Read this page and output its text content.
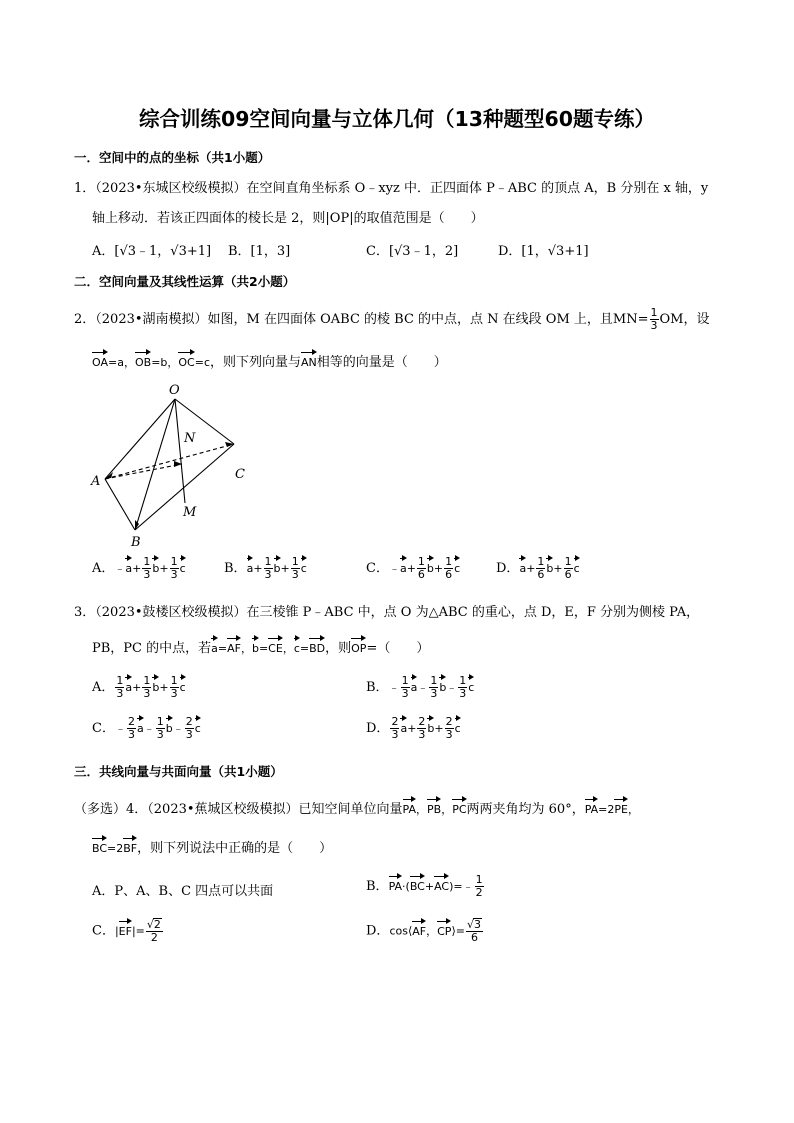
综合训练09空间向量与立体几何（13种题型60题专练）
一．空间中的点的坐标（共1小题）
1．（2023•东城区校级模拟）在空间直角坐标系 O﹣xyz 中．正四面体 P﹣ABC 的顶点 A，B 分别在 x 轴，y
轴上移动．若该正四面体的棱长是 2，则|OP|的取值范围是（　　）
A．[√3﹣1，√3+1] B．[1，3]	C．[√3﹣1，2]	D．[1，√3+1]
二．空间向量及其线性运算（共2小题）
2．（2023•湖南模拟）如图，M 在四面体 OABC 的棱 BC 的中点，点 N 在线段 OM 上，且$MN= \frac{1}{3}$ OM，设
OA=a，OB=b，OC=c，则下列向量与AN相等的向量是（　　）
O
A
B
C
M
N
A．﹣a+ $\frac{1}{3} b+ \frac{1}{3}$ c	B．$a+ \frac{1}{3} b+ \frac{1}{3}$ c	C．﹣a+ $\frac{1}{6} b+ \frac{1}{6}$ c	D．$a+ \frac{1}{6} b+ \frac{1}{6}$ c
3．（2023•鼓楼区校级模拟）在三棱锥 P﹣ABC 中，点 O 为△ABC 的重心，点 D，E，F 分别为侧棱 PA，
PB，PC 的中点，若a=AF，b=CE，c=BD，则OP=（　　）
A． $\frac{1}{3} a+ \frac{1}{3} b+ \frac{1}{3}$ c	B．﹣ $\frac{1}{3}$ a﹣ $\frac{1}{3}$ b﹣ $\frac{1}{3}$ c
C．﹣ $\frac{2}{3}$ a﹣ $\frac{1}{3}$ b﹣ $\frac{2}{3}$ c	D． $\frac{2}{3} a+ \frac{2}{3} b+ \frac{2}{3}$ c
三．共线向量与共面向量（共1小题）
（多选）4．（2023•蕉城区校级模拟）已知空间单位向量PA，PB，PC两两夹角均为 60°，PA=2PE，
BC=2BF，则下列说法中正确的是（　　）
A．P、A、B、C 四点可以共面	B．PA·(BC+AC)=﹣ $\frac{1}{2}$
C．$|EF|= \frac{√2}{2}$	D．cos⟨AF，CP⟩= $\frac{√3}{6}$
